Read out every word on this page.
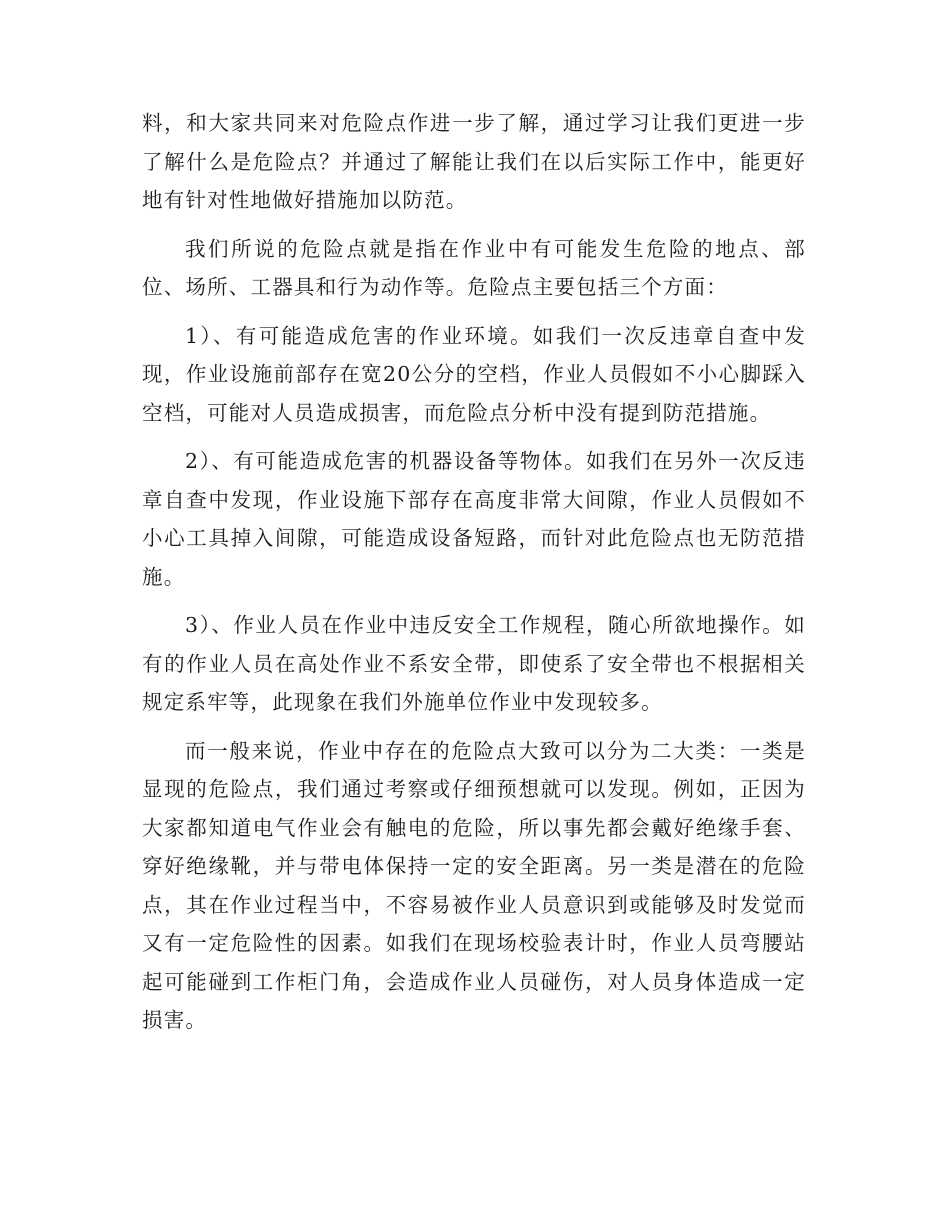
料，和大家共同来对危险点作进一步了解，通过学习让我们更进一步了解什么是危险点？并通过了解能让我们在以后实际工作中，能更好地有针对性地做好措施加以防范。

我们所说的危险点就是指在作业中有可能发生危险的地点、部位、场所、工器具和行为动作等。危险点主要包括三个方面：

1）、有可能造成危害的作业环境。如我们一次反违章自查中发现，作业设施前部存在宽20公分的空档，作业人员假如不小心脚踩入空档，可能对人员造成损害，而危险点分析中没有提到防范措施。

2）、有可能造成危害的机器设备等物体。如我们在另外一次反违章自查中发现，作业设施下部存在高度非常大间隙，作业人员假如不小心工具掉入间隙，可能造成设备短路，而针对此危险点也无防范措施。

3）、作业人员在作业中违反安全工作规程，随心所欲地操作。如有的作业人员在高处作业不系安全带，即使系了安全带也不根据相关规定系牢等，此现象在我们外施单位作业中发现较多。

而一般来说，作业中存在的危险点大致可以分为二大类：一类是显现的危险点，我们通过考察或仔细预想就可以发现。例如，正因为大家都知道电气作业会有触电的危险，所以事先都会戴好绝缘手套、穿好绝缘靴，并与带电体保持一定的安全距离。另一类是潜在的危险点，其在作业过程当中，不容易被作业人员意识到或能够及时发觉而又有一定危险性的因素。如我们在现场校验表计时，作业人员弯腰站起可能碰到工作柜门角，会造成作业人员碰伤，对人员身体造成一定损害。
